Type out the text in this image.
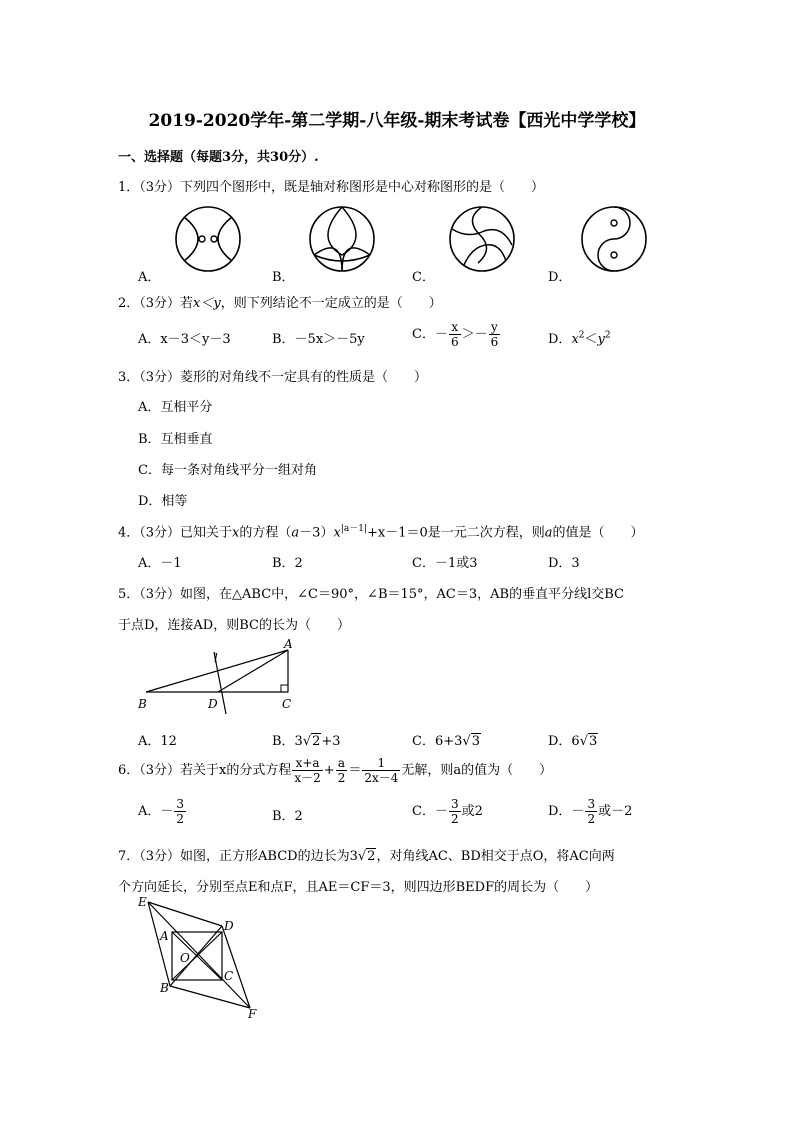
2019-2020学年-第二学期-八年级-期末考试卷【西光中学学校】
一、选择题（每题3分，共30分）.
1．（3分）下列四个图形中，既是轴对称图形是中心对称图形的是（　　）
A．	B．	C．	D．
2．（3分）若x＜y，则下列结论不一定成立的是（　　）
A．x－3＜y－3	B．－5x＞－5y	C．－ $\frac{x}{6} >- \frac{y}{6}$	D．$x^2<y^2$
3．（3分）菱形的对角线不一定具有的性质是（　　）
A．互相平分
B．互相垂直
C．每一条对角线平分一组对角
D．相等
4．（3分）已知关于x的方程$(a-3)x^{|a-1|}+x-1=0$是一元二次方程，则a的值是（　　）
A．－1	B．2	C．－1或3	D．3
5．（3分）如图，在△ABC中，∠C＝90°，∠B＝15°，AC＝3，AB的垂直平分线l交BC
于点D，连接AD，则BC的长为（　　）
A
B	C
D
l
A．12	B．3√2+3	C．6+3√3	D．6√3
6．（3分）若关于x的分式方程 $\frac{x+a}{x-2} + \frac{a}{2} = \frac{1}{2x-4}$ 无解，则a的值为（　　）
A．－ $\frac{3}{2}$	B．2	C．－ $\frac{3}{2}$ 或2	D．－ $\frac{3}{2}$ 或－2
7．（3分）如图，正方形ABCD的边长为3√2，对角线AC、BD相交于点O，将AC向两
个方向延长，分别至点E和点F，且AE＝CF＝3，则四边形BEDF的周长为（　　）
E
A
D
O
C
B
F
